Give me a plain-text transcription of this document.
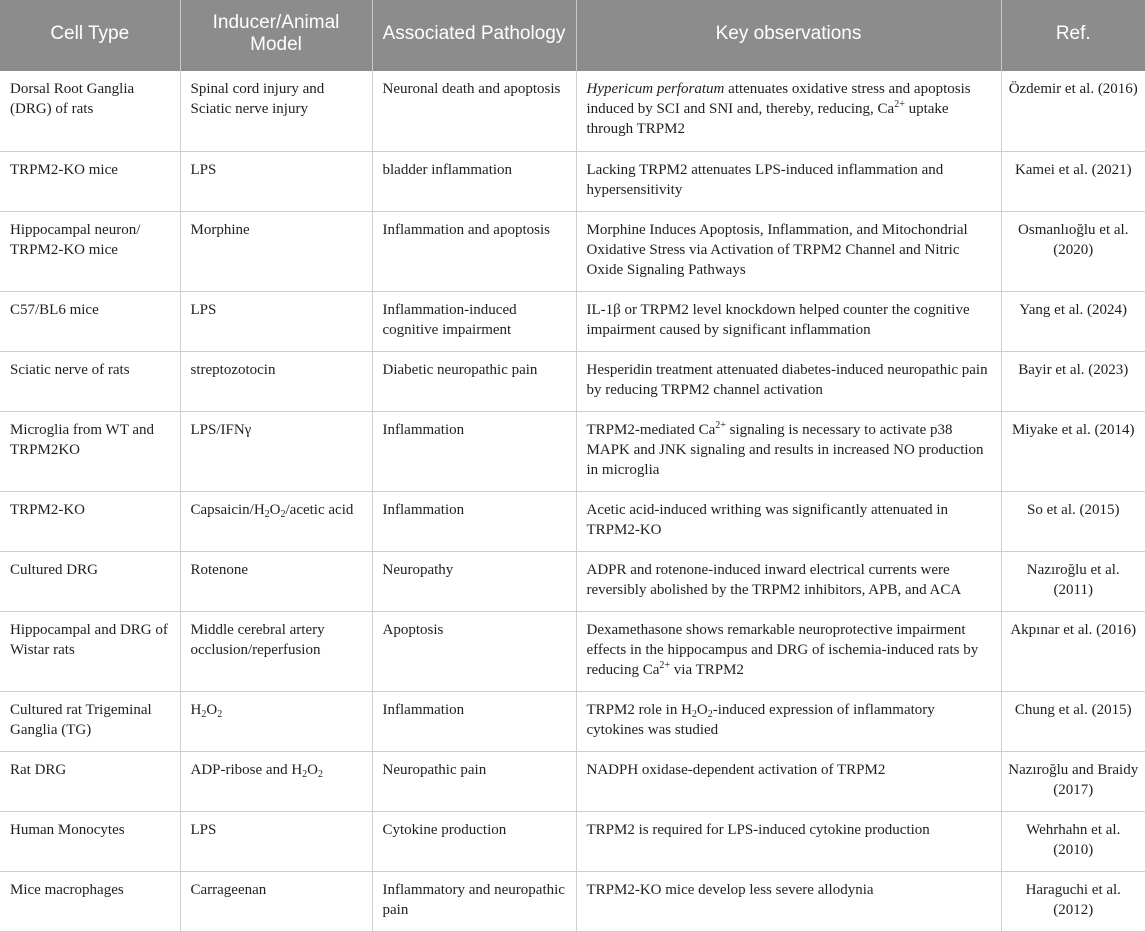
Cell Type	Inducer/Animal Model	Associated Pathology	Key observations	Ref.
Dorsal Root Ganglia (DRG) of rats	Spinal cord injury and Sciatic nerve injury	Neuronal death and apoptosis	Hypericum perforatum attenuates oxidative stress and apoptosis induced by SCI and SNI and, thereby, reducing, $Ca^{2+}$ uptake through TRPM2	Özdemir et al. (2016)
TRPM2-KO mice	LPS	bladder inflammation	Lacking TRPM2 attenuates LPS-induced inflammation and hypersensitivity	Kamei et al. (2021)
Hippocampal neuron/ TRPM2-KO mice	Morphine	Inflammation and apoptosis	Morphine Induces Apoptosis, Inflammation, and Mitochondrial Oxidative Stress via Activation of TRPM2 Channel and Nitric Oxide Signaling Pathways	Osmanlıoğlu et al. (2020)
C57/BL6 mice	LPS	Inflammation-induced cognitive impairment	IL-1β or TRPM2 level knockdown helped counter the cognitive impairment caused by significant inflammation	Yang et al. (2024)
Sciatic nerve of rats	streptozotocin	Diabetic neuropathic pain	Hesperidin treatment attenuated diabetes-induced neuropathic pain by reducing TRPM2 channel activation	Bayir et al. (2023)
Microglia from WT and TRPM2KO	LPS/IFNγ	Inflammation	TRPM2-mediated $Ca^{2+}$ signaling is necessary to activate p38 MAPK and JNK signaling and results in increased NO production in microglia	Miyake et al. (2014)
TRPM2-KO	Capsaicin/$H_2O_2$/acetic acid	Inflammation	Acetic acid-induced writhing was significantly attenuated in TRPM2-KO	So et al. (2015)
Cultured DRG	Rotenone	Neuropathy	ADPR and rotenone-induced inward electrical currents were reversibly abolished by the TRPM2 inhibitors, APB, and ACA	Nazıroğlu et al. (2011)
Hippocampal and DRG of Wistar rats	Middle cerebral artery occlusion/reperfusion	Apoptosis	Dexamethasone shows remarkable neuroprotective impairment effects in the hippocampus and DRG of ischemia-induced rats by reducing $Ca^{2+}$ via TRPM2	Akpınar et al. (2016)
Cultured rat Trigeminal Ganglia (TG)	$H_2O_2$	Inflammation	TRPM2 role in $H_2O_2$-induced expression of inflammatory cytokines was studied	Chung et al. (2015)
Rat DRG	ADP-ribose and $H_2O_2$	Neuropathic pain	NADPH oxidase-dependent activation of TRPM2	Nazıroğlu and Braidy (2017)
Human Monocytes	LPS	Cytokine production	TRPM2 is required for LPS-induced cytokine production	Wehrhahn et al. (2010)
Mice macrophages	Carrageenan	Inflammatory and neuropathic pain	TRPM2-KO mice develop less severe allodynia	Haraguchi et al. (2012)
